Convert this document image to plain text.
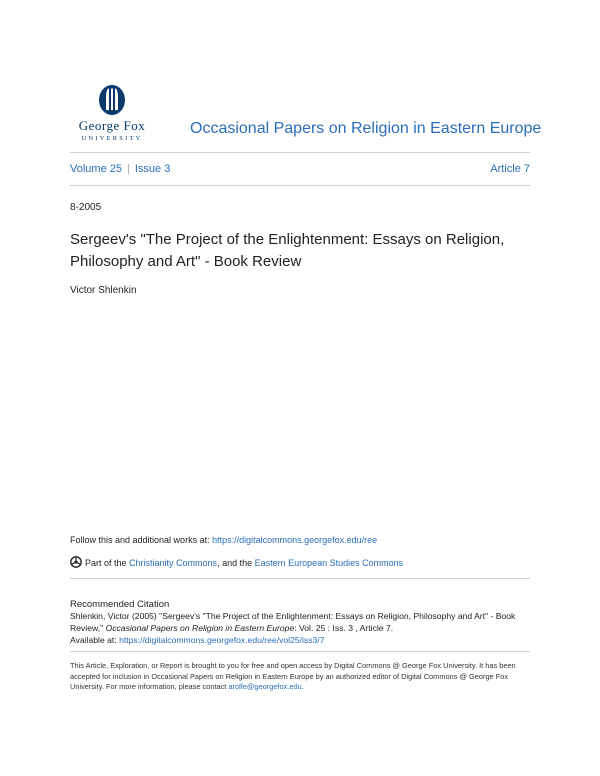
George Fox
UNIVERSITY
Occasional Papers on Religion in Eastern Europe
Volume 25 | Issue 3	Article 7
8-2005
Sergeev's "The Project of the Enlightenment: Essays on Religion, Philosophy and Art" - Book Review
Victor Shlenkin
Follow this and additional works at: https://digitalcommons.georgefox.edu/ree
Part of the Christianity Commons, and the Eastern European Studies Commons
Recommended Citation
Shlenkin, Victor (2005) "Sergeev's "The Project of the Enlightenment: Essays on Religion, Philosophy and Art" - Book Review," Occasional Papers on Religion in Eastern Europe: Vol. 25 : Iss. 3 , Article 7.
Available at: https://digitalcommons.georgefox.edu/ree/vol25/iss3/7
This Article, Exploration, or Report is brought to you for free and open access by Digital Commons @ George Fox University. It has been accepted for inclusion in Occasional Papers on Religion in Eastern Europe by an authorized editor of Digital Commons @ George Fox University. For more information, please contact arolfe@georgefox.edu.
